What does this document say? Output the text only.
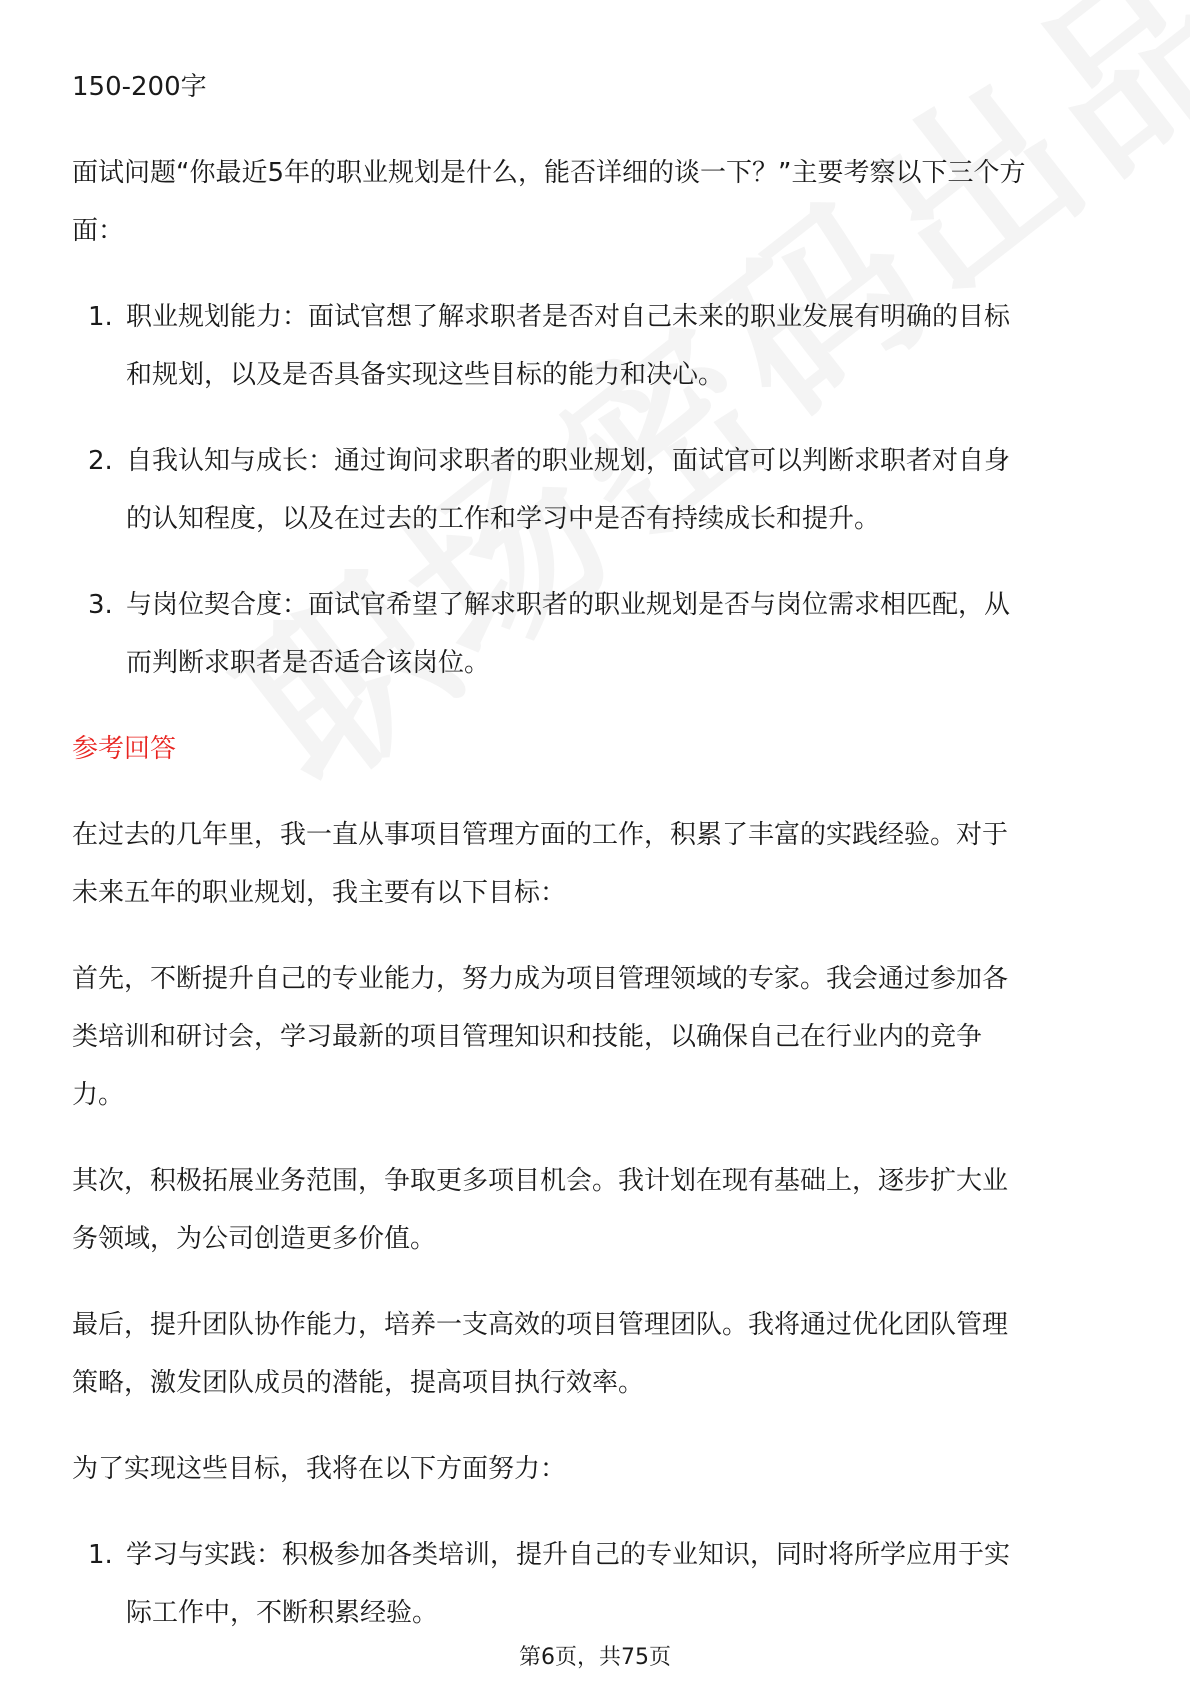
150-200字
面试问题“你最近5年的职业规划是什么，能否详细的谈一下？”主要考察以下三个方
面：
1. 职业规划能力：面试官想了解求职者是否对自己未来的职业发展有明确的目标
和规划，以及是否具备实现这些目标的能力和决心。
2. 自我认知与成长：通过询问求职者的职业规划，面试官可以判断求职者对自身
的认知程度，以及在过去的工作和学习中是否有持续成长和提升。
3. 与岗位契合度：面试官希望了解求职者的职业规划是否与岗位需求相匹配，从
而判断求职者是否适合该岗位。
参考回答
在过去的几年里，我一直从事项目管理方面的工作，积累了丰富的实践经验。对于
未来五年的职业规划，我主要有以下目标：
首先，不断提升自己的专业能力，努力成为项目管理领域的专家。我会通过参加各
类培训和研讨会，学习最新的项目管理知识和技能，以确保自己在行业内的竞争
力。
其次，积极拓展业务范围，争取更多项目机会。我计划在现有基础上，逐步扩大业
务领域，为公司创造更多价值。
最后，提升团队协作能力，培养一支高效的项目管理团队。我将通过优化团队管理
策略，激发团队成员的潜能，提高项目执行效率。
为了实现这些目标，我将在以下方面努力：
1. 学习与实践：积极参加各类培训，提升自己的专业知识，同时将所学应用于实
际工作中，不断积累经验。
第6页，共75页
